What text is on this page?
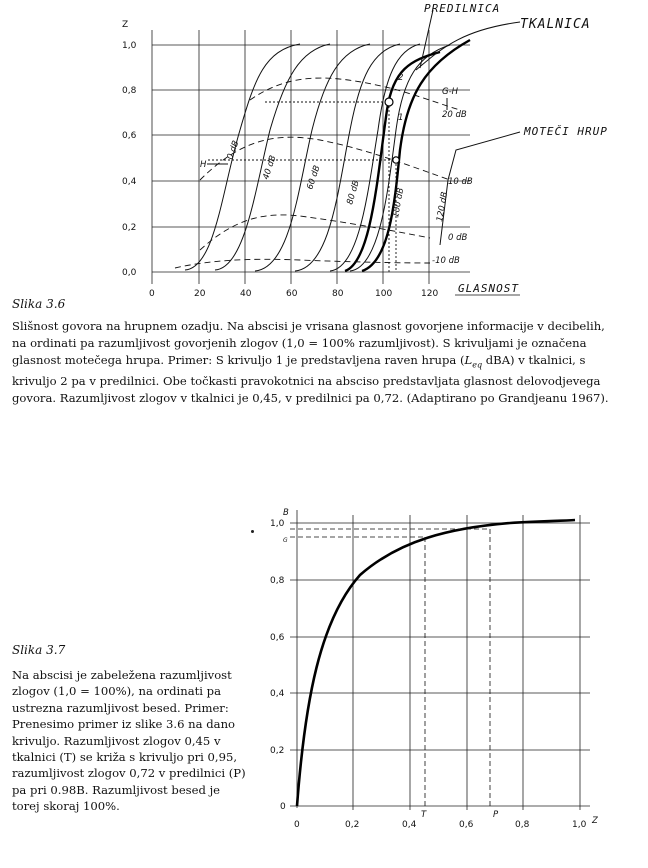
Z
1,0
0,8
0,6
0,4
0,2
0,0
0	20	40	60	80	100	120 GLASNOST
PREDILNICA
TKALNICA
MOTEČI HRUP
G-H
H
1
2
0 dB
40 dB	60 dB
80 dB	100 dB	120 dB
20 dB
10 dB
0 dB
-10 dB
Slika 3.6
Slišnost govora na hrupnem ozadju. Na abscisi je vrisana glasnost govorjene informacije v decibelih, na ordinati pa razumljivost govorjenih zlogov (1,0 = 100% razumljivost). S krivuljami je označena glasnost motečega hrupa. Primer: S krivuljo 1 je predstavljena raven hrupa ($L_{eq}$ dBA) v tkalnici, s krivuljo 2 pa v predilnici. Obe točkasti pravokotnici na absciso predstavljata glasnost delovodjevega govora. Razumljivost zlogov v tkalnici je 0,45, v predilnici pa 0,72. (Adaptirano po Grandjeanu 1967).
B
1,0
G
0,8
0,6
0,4
0,2
0
0	0,2	0,4	0,6	0,8	1,0 Z
T	P
Slika 3.7
Na abscisi je zabeležena razumljivost zlogov (1,0 = 100%), na ordinati pa ustrezna razumljivost besed. Primer: Prenesimo primer iz slike 3.6 na dano krivuljo. Razumljivost zlogov 0,45 v tkalnici (T) se križa s krivuljo pri 0,95, razumljivost zlogov 0,72 v predilnici (P) pa pri 0.98B. Razumljivost besed je torej skoraj 100%.
